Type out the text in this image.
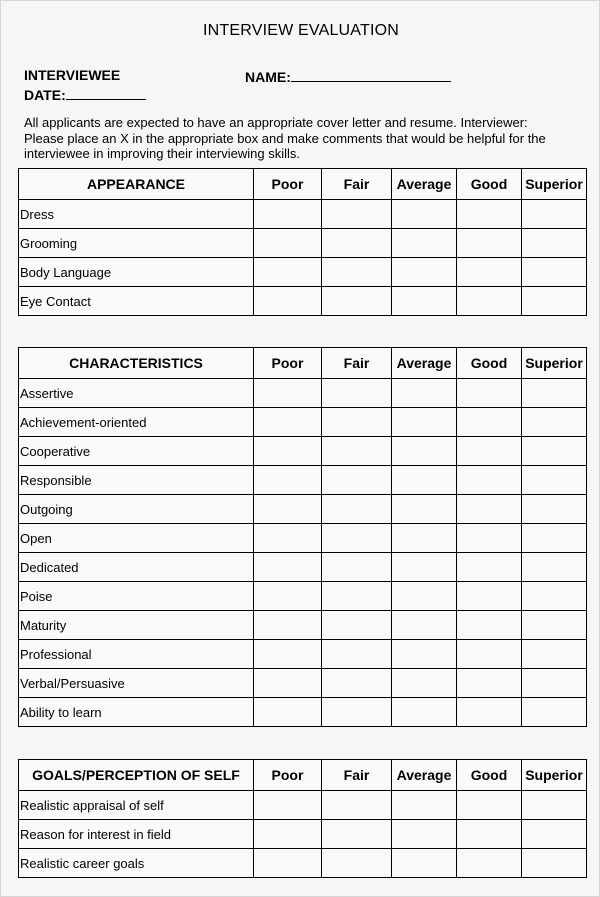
INTERVIEW EVALUATION
INTERVIEWEE	NAME:
DATE:
All applicants are expected to have an appropriate cover letter and resume. Interviewer: Please place an X in the appropriate box and make comments that would be helpful for the interviewee in improving their interviewing skills.
APPEARANCE	Poor	Fair	Average	Good	Superior
Dress					
Grooming					
Body Language					
Eye Contact					
CHARACTERISTICS	Poor	Fair	Average	Good	Superior
Assertive					
Achievement-oriented					
Cooperative					
Responsible					
Outgoing					
Open					
Dedicated					
Poise					
Maturity					
Professional					
Verbal/Persuasive					
Ability to learn					
GOALS/PERCEPTION OF SELF	Poor	Fair	Average	Good	Superior
Realistic appraisal of self					
Reason for interest in field					
Realistic career goals					
